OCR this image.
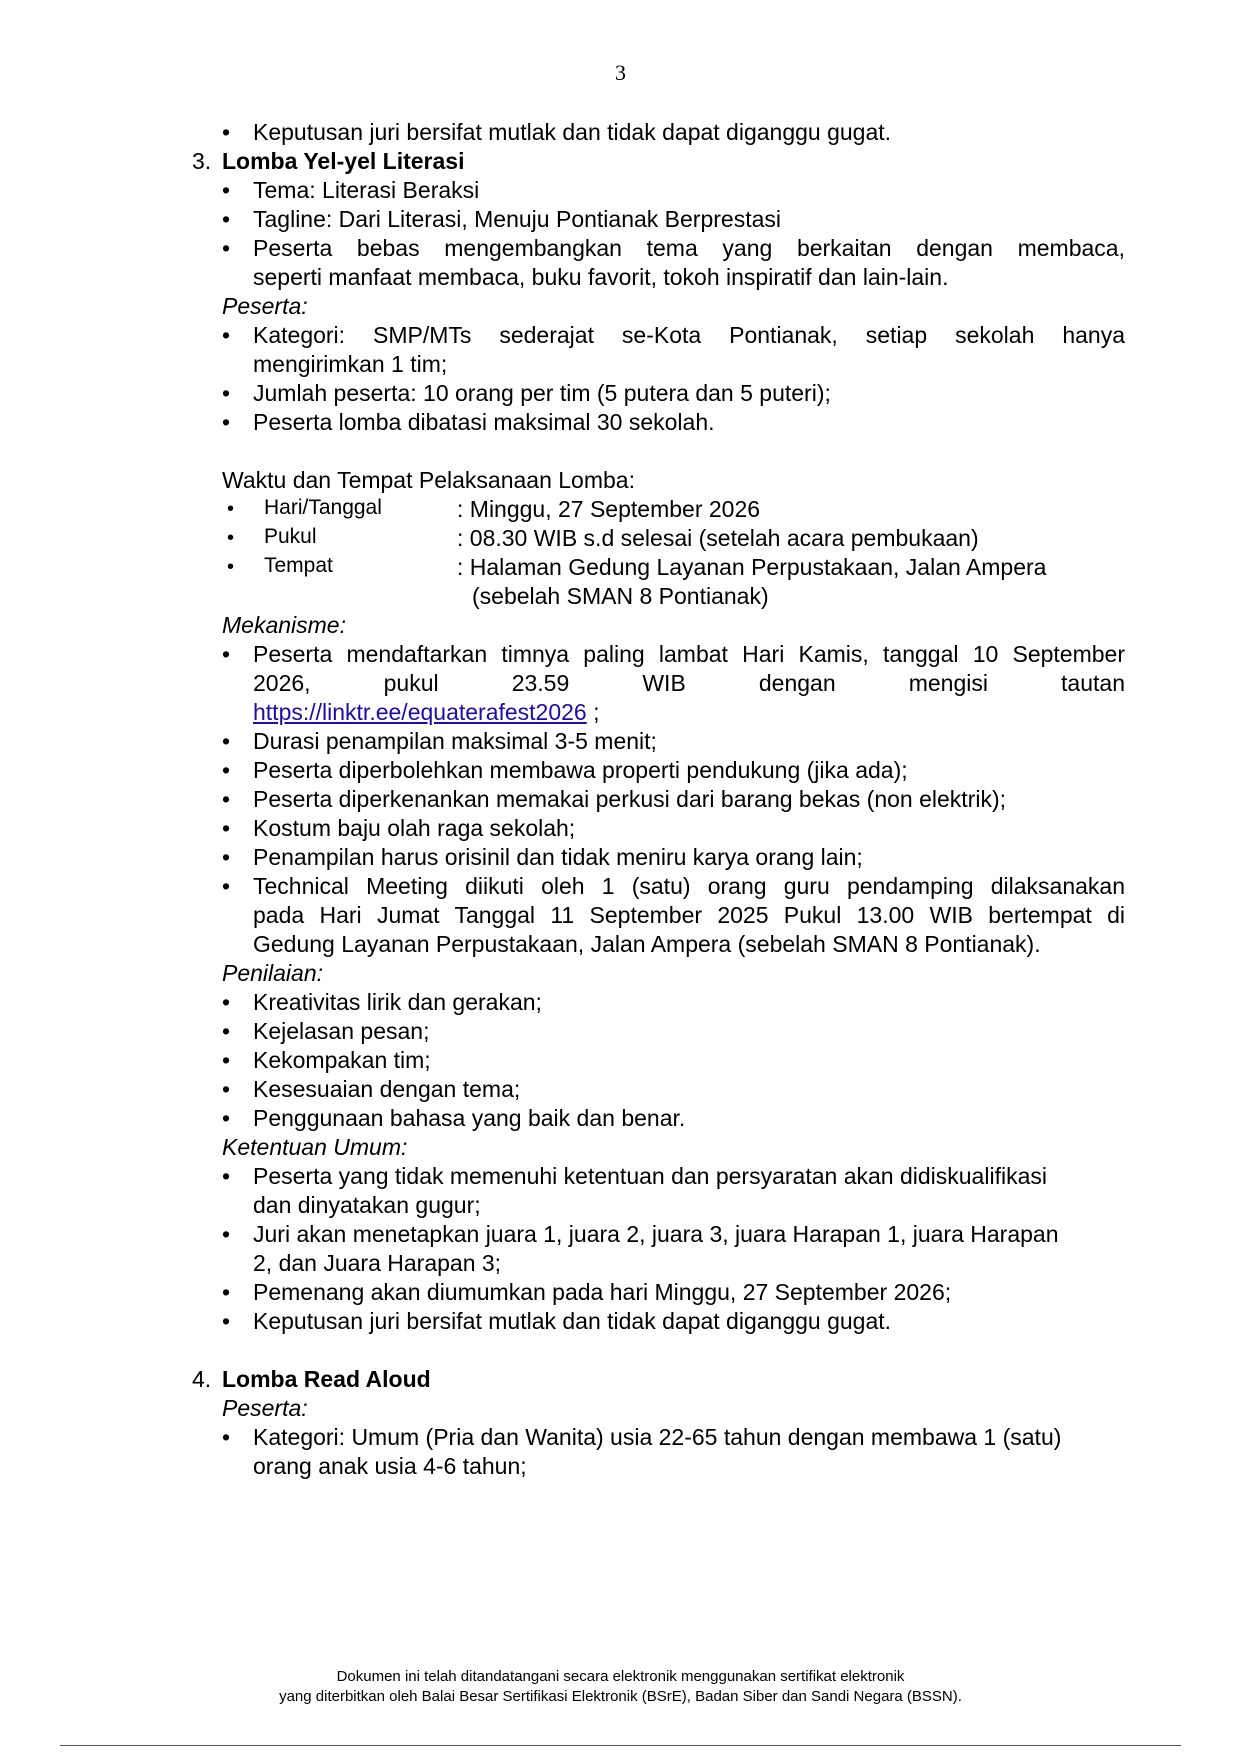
3
• Keputusan juri bersifat mutlak dan tidak dapat diganggu gugat.
3. Lomba Yel-yel Literasi
• Tema: Literasi Beraksi
• Tagline: Dari Literasi, Menuju Pontianak Berprestasi
• Peserta bebas mengembangkan tema yang berkaitan dengan membaca,
seperti manfaat membaca, buku favorit, tokoh inspiratif dan lain-lain.
Peserta:
• Kategori: SMP/MTs sederajat se-Kota Pontianak, setiap sekolah hanya
mengirimkan 1 tim;
• Jumlah peserta: 10 orang per tim (5 putera dan 5 puteri);
• Peserta lomba dibatasi maksimal 30 sekolah.
Waktu dan Tempat Pelaksanaan Lomba:
• Hari/Tanggal	: Minggu, 27 September 2026
• Pukul	: 08.30 WIB s.d selesai (setelah acara pembukaan)
• Tempat	: Halaman Gedung Layanan Perpustakaan, Jalan Ampera
(sebelah SMAN 8 Pontianak)
Mekanisme:
• Peserta mendaftarkan timnya paling lambat Hari Kamis, tanggal 10 September
2026,	pukul	23.59	WIB	dengan	mengisi	tautan
https://linktr.ee/equaterafest2026 ;
• Durasi penampilan maksimal 3-5 menit;
• Peserta diperbolehkan membawa properti pendukung (jika ada);
• Peserta diperkenankan memakai perkusi dari barang bekas (non elektrik);
• Kostum baju olah raga sekolah;
• Penampilan harus orisinil dan tidak meniru karya orang lain;
• Technical Meeting diikuti oleh 1 (satu) orang guru pendamping dilaksanakan
pada Hari Jumat Tanggal 11 September 2025 Pukul 13.00 WIB bertempat di
Gedung Layanan Perpustakaan, Jalan Ampera (sebelah SMAN 8 Pontianak).
Penilaian:
• Kreativitas lirik dan gerakan;
• Kejelasan pesan;
• Kekompakan tim;
• Kesesuaian dengan tema;
• Penggunaan bahasa yang baik dan benar.
Ketentuan Umum:
• Peserta yang tidak memenuhi ketentuan dan persyaratan akan didiskualifikasi
dan dinyatakan gugur;
• Juri akan menetapkan juara 1, juara 2, juara 3, juara Harapan 1, juara Harapan
2, dan Juara Harapan 3;
• Pemenang akan diumumkan pada hari Minggu, 27 September 2026;
• Keputusan juri bersifat mutlak dan tidak dapat diganggu gugat.
4. Lomba Read Aloud
Peserta:
• Kategori: Umum (Pria dan Wanita) usia 22-65 tahun dengan membawa 1 (satu)
orang anak usia 4-6 tahun;
Dokumen ini telah ditandatangani secara elektronik menggunakan sertifikat elektronik
yang diterbitkan oleh Balai Besar Sertifikasi Elektronik (BSrE), Badan Siber dan Sandi Negara (BSSN).
